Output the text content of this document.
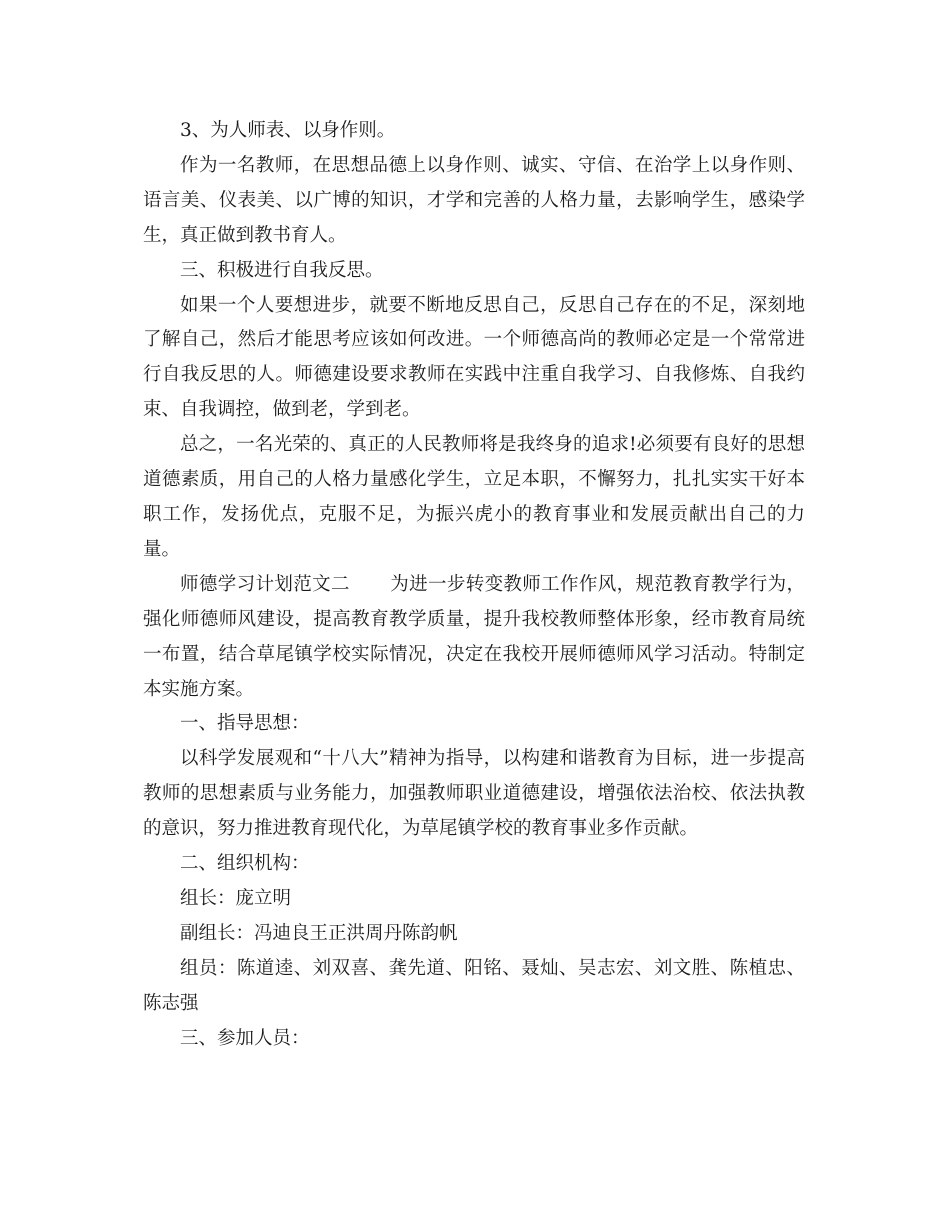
3、为人师表、以身作则。

作为一名教师，在思想品德上以身作则、诚实、守信、在治学上以身作则、语言美、仪表美、以广博的知识，才学和完善的人格力量，去影响学生，感染学生，真正做到教书育人。

三、积极进行自我反思。

如果一个人要想进步，就要不断地反思自己，反思自己存在的不足，深刻地了解自己，然后才能思考应该如何改进。一个师德高尚的教师必定是一个常常进行自我反思的人。师德建设要求教师在实践中注重自我学习、自我修炼、自我约束、自我调控，做到老，学到老。

总之，一名光荣的、真正的人民教师将是我终身的追求!必须要有良好的思想道德素质，用自己的人格力量感化学生，立足本职，不懈努力，扎扎实实干好本职工作，发扬优点，克服不足，为振兴虎小的教育事业和发展贡献出自己的力量。

师德学习计划范文二 为进一步转变教师工作作风，规范教育教学行为，强化师德师风建设，提高教育教学质量，提升我校教师整体形象，经市教育局统一布置，结合草尾镇学校实际情况，决定在我校开展师德师风学习活动。特制定本实施方案。

一、指导思想：

以科学发展观和“十八大”精神为指导，以构建和谐教育为目标，进一步提高教师的思想素质与业务能力，加强教师职业道德建设，增强依法治校、依法执教的意识，努力推进教育现代化，为草尾镇学校的教育事业多作贡献。

二、组织机构：

组长：庞立明

副组长：冯迪良王正洪周丹陈韵帆

组员：陈道逵、刘双喜、龚先道、阳铭、聂灿、吴志宏、刘文胜、陈植忠、陈志强

三、参加人员：
